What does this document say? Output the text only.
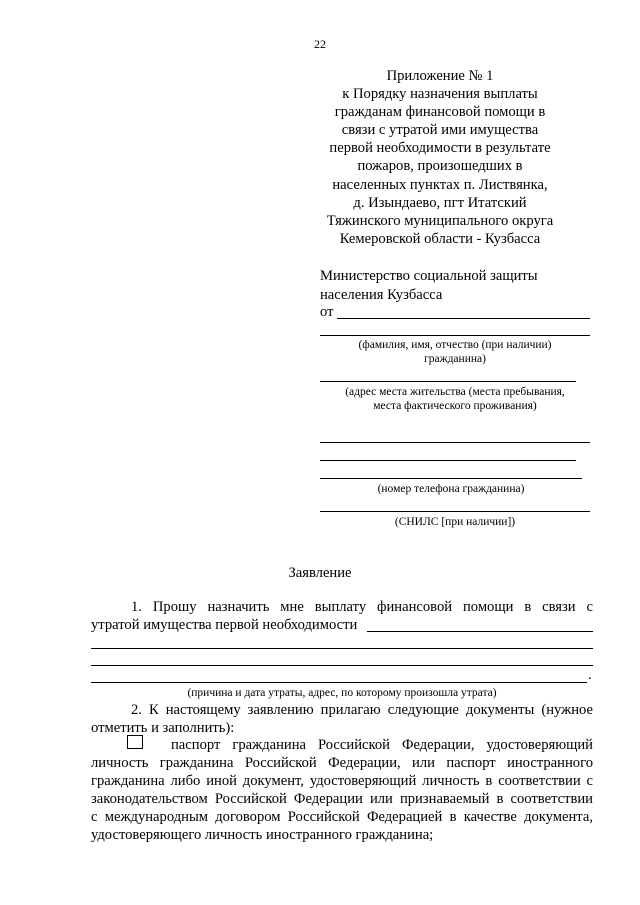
22
Приложение № 1
к Порядку назначения выплаты
гражданам финансовой помощи в
связи с утратой ими имущества
первой необходимости в результате
пожаров, произошедших в
населенных пунктах п. Листвянка,
д. Изындаево, пгт Итатский
Тяжинского муниципального округа
Кемеровской области - Кузбасса
Министерство социальной защиты
населения Кузбасса
от
(фамилия, имя, отчество (при наличии)
гражданина)
(адрес места жительства (места пребывания,
места фактического проживания)
(номер телефона гражданина)
(СНИЛС [при наличии])
Заявление
1. Прошу назначить мне выплату финансовой помощи в связи с
утратой имущества первой необходимости
.
(причина и дата утраты, адрес, по которому произошла утрата)
2. К настоящему заявлению прилагаю следующие документы (нужное
отметить и заполнить):
паспорт гражданина Российской Федерации, удостоверяющий
личность гражданина Российской Федерации, или паспорт иностранного
гражданина либо иной документ, удостоверяющий личность в соответствии с
законодательством Российской Федерации или признаваемый в соответствии
с международным договором Российской Федерацией в качестве документа,
удостоверяющего личность иностранного гражданина;
